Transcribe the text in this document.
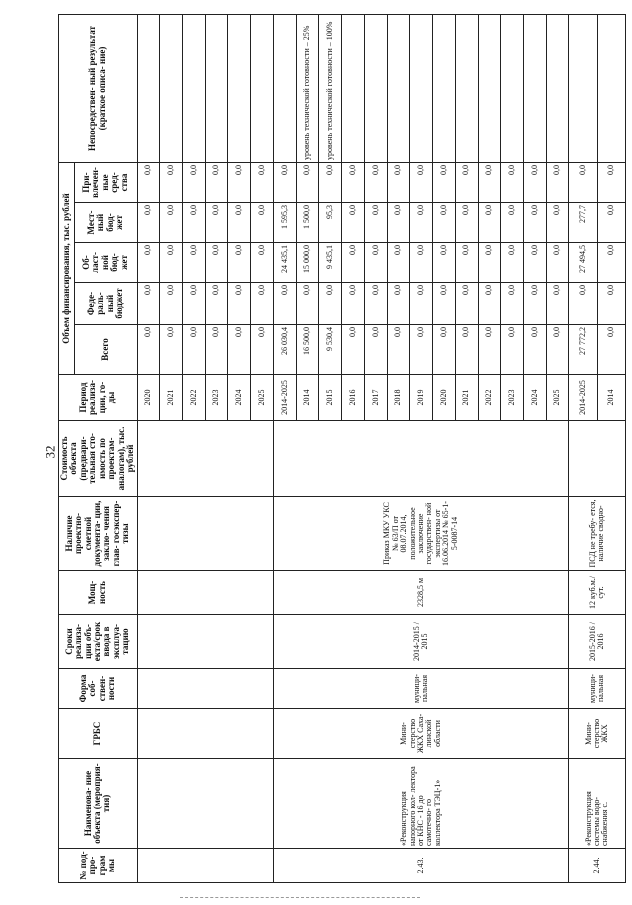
32
№ под- про- грам мы	Наименова- ние объекта (мероприя- тия)	ГРБС	Форма соб- ствен- ности	Сроки реализа- ции объ- екта/срок ввода в эксплуа- тацию	Мощ- ность	Наличие проектно- сметной документа- ции, заклю- чения глав- госэкспер- тизы	Стоимость объекта (предвари- тельная сто- имость по проектам- аналогам), тыс. рублей	Период реализа- ции, го- ды	Объем финансирования, тыс. рублей					Непосредствен- ный результат (краткое описа- ние)
									Всего	Феде- раль- ный бюджет	Об- ласт- ной бюд- жет	Мест- ный бюд- жет	При- влечен- ные сред- ства	
								2020	0,0	0,0	0,0	0,0	0,0	
								2021	0,0	0,0	0,0	0,0	0,0	
								2022	0,0	0,0	0,0	0,0	0,0	
								2023	0,0	0,0	0,0	0,0	0,0	
								2024	0,0	0,0	0,0	0,0	0,0	
								2025	0,0	0,0	0,0	0,0	0,0	
2.43.	«Реконструкция напорного кол- лектора от КНС - 16 до самотечно- го коллектора ТЭЦ-1»	Мини- стерство ЖКХ Саха- линской области	муници- пальная	2014-2015 / 2015	2328,5 м	Приказ МКУ УКС № 63/П от 08.07.2014, положительное заключение государствен- ной экспертизы от 16.06.2014 № 65-1-5-0087-14		2014-2025	26 030,4	0,0	24 435,1	1 595,3	0,0	
								2014	16 500,0	0,0	15 000,0	1 500,0	0,0	уровень технической готовности – 25%
								2015	9 530,4	0,0	9 435,1	95,3	0,0	уровень технической готовности – 100%
								2016	0,0	0,0	0,0	0,0	0,0	
								2017	0,0	0,0	0,0	0,0	0,0	
								2018	0,0	0,0	0,0	0,0	0,0	
								2019	0,0	0,0	0,0	0,0	0,0	
								2020	0,0	0,0	0,0	0,0	0,0	
								2021	0,0	0,0	0,0	0,0	0,0	
								2022	0,0	0,0	0,0	0,0	0,0	
								2023	0,0	0,0	0,0	0,0	0,0	
								2024	0,0	0,0	0,0	0,0	0,0	
								2025	0,0	0,0	0,0	0,0	0,0	
2.44.	«Реконструкция системы водо- снабжения с.	Мини- стерство ЖКХ	муници- пальная	2015-2016 / 2016	12 куб.м./сут.	ПСД не требу- ется, наличие сводно-		2014-2025	27 772,2	0,0	27 494,5	277,7	0,0	
								2014	0,0	0,0	0,0	0,0	0,0	
